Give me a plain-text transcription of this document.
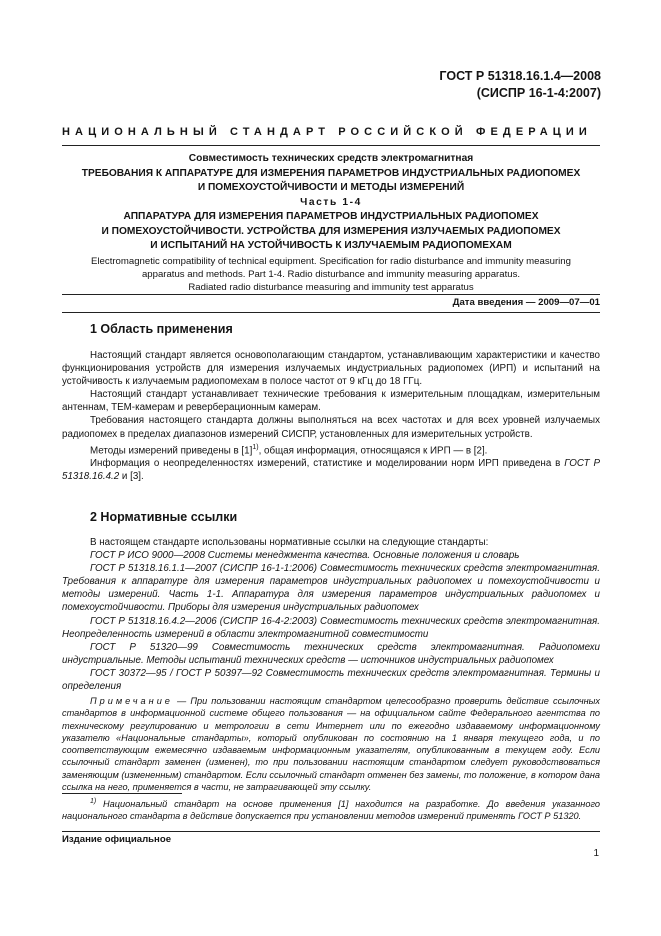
ГОСТ Р 51318.16.1.4—2008
(СИСПР 16-1-4:2007)
НАЦИОНАЛЬНЫЙ СТАНДАРТ РОССИЙСКОЙ ФЕДЕРАЦИИ
Совместимость технических средств электромагнитная
ТРЕБОВАНИЯ К АППАРАТУРЕ ДЛЯ ИЗМЕРЕНИЯ ПАРАМЕТРОВ ИНДУСТРИАЛЬНЫХ РАДИОПОМЕХ
И ПОМЕХОУСТОЙЧИВОСТИ И МЕТОДЫ ИЗМЕРЕНИЙ
Часть 1-4
АППАРАТУРА ДЛЯ ИЗМЕРЕНИЯ ПАРАМЕТРОВ ИНДУСТРИАЛЬНЫХ РАДИОПОМЕХ
И ПОМЕХОУСТОЙЧИВОСТИ. УСТРОЙСТВА ДЛЯ ИЗМЕРЕНИЯ ИЗЛУЧАЕМЫХ РАДИОПОМЕХ
И ИСПЫТАНИЙ НА УСТОЙЧИВОСТЬ К ИЗЛУЧАЕМЫМ РАДИОПОМЕХАМ
Electromagnetic compatibility of technical equipment. Specification for radio disturbance and immunity measuring
apparatus and methods. Part 1-4. Radio disturbance and immunity measuring apparatus.
Radiated radio disturbance measuring and immunity test apparatus
Дата введения — 2009—07—01
1 Область применения

Настоящий стандарт является основополагающим стандартом, устанавливающим характеристики и качество функционирования устройств для измерения излучаемых индустриальных радиопомех (ИРП) и испытаний на устойчивость к излучаемым радиопомехам в полосе частот от 9 кГц до 18 ГГц.

Настоящий стандарт устанавливает технические требования к измерительным площадкам, измерительным антеннам, ТЕМ-камерам и реверберационным камерам.

Требования настоящего стандарта должны выполняться на всех частотах и для всех уровней излучаемых радиопомех в пределах диапазонов измерений СИСПР, установленных для измерительных устройств.

Методы измерений приведены в $[1]^{1)}$, общая информация, относящаяся к ИРП — в [2].

Информация о неопределенностях измерений, статистике и моделировании норм ИРП приведена в ГОСТ Р 51318.16.4.2 и [3].

2 Нормативные ссылки

В настоящем стандарте использованы нормативные ссылки на следующие стандарты:

ГОСТ Р ИСО 9000—2008 Системы менеджмента качества. Основные положения и словарь

ГОСТ Р 51318.16.1.1—2007 (СИСПР 16-1-1:2006) Совместимость технических средств электромагнитная. Требования к аппаратуре для измерения параметров индустриальных радиопомех и помехоустойчивости и методы измерений. Часть 1-1. Аппаратура для измерения параметров индустриальных радиопомех и помехоустойчивости. Приборы для измерения индустриальных радиопомех

ГОСТ Р 51318.16.4.2—2006 (СИСПР 16-4-2:2003) Совместимость технических средств электромагнитная. Неопределенность измерений в области электромагнитной совместимости

ГОСТ Р 51320—99 Совместимость технических средств электромагнитная. Радиопомехи индустриальные. Методы испытаний технических средств — источников индустриальных радиопомех

ГОСТ 30372—95 / ГОСТ Р 50397—92 Совместимость технических средств электромагнитная. Термины и определения

Примечание — При пользовании настоящим стандартом целесообразно проверить действие ссылочных стандартов в информационной системе общего пользования — на официальном сайте Федерального агентства по техническому регулированию и метрологии в сети Интернет или по ежегодно издаваемому информационному указателю «Национальные стандарты», который опубликован по состоянию на 1 января текущего года, и по соответствующим ежемесячно издаваемым информационным указателям, опубликованным в текущем году. Если ссылочный стандарт заменен (изменен), то при пользовании настоящим стандартом следует руководствоваться заменяющим (измененным) стандартом. Если ссылочный стандарт отменен без замены, то положение, в котором дана ссылка на него, применяется в части, не затрагивающей эту ссылку.

$^{1)}$ Национальный стандарт на основе применения [1] находится на разработке. До введения указанного национального стандарта в действие допускается при установлении методов измерений применять ГОСТ Р 51320.

Издание официальное
1
